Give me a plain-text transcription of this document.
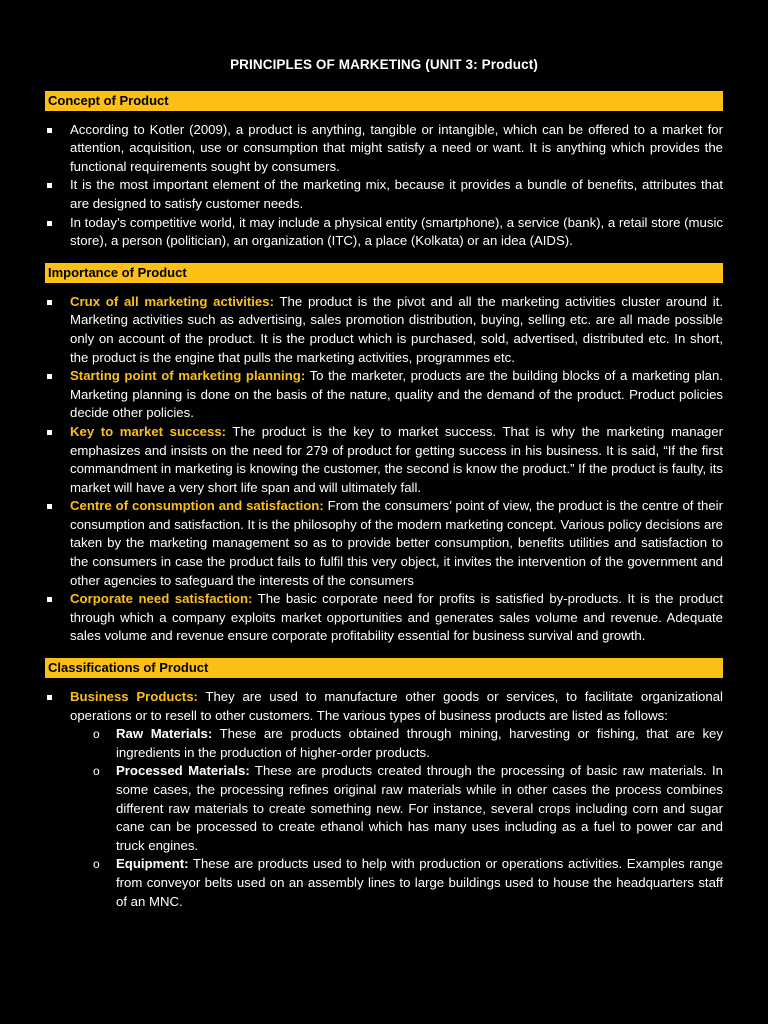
PRINCIPLES OF MARKETING (UNIT 3: Product)
Concept of Product
According to Kotler (2009), a product is anything, tangible or intangible, which can be offered to a market for attention, acquisition, use or consumption that might satisfy a need or want. It is anything which provides the functional requirements sought by consumers.
It is the most important element of the marketing mix, because it provides a bundle of benefits, attributes that are designed to satisfy customer needs.
In today’s competitive world, it may include a physical entity (smartphone), a service (bank), a retail store (music store), a person (politician), an organization (ITC), a place (Kolkata) or an idea (AIDS).
Importance of Product
Crux of all marketing activities: The product is the pivot and all the marketing activities cluster around it. Marketing activities such as advertising, sales promotion distribution, buying, selling etc. are all made possible only on account of the product. It is the product which is purchased, sold, advertised, distributed etc. In short, the product is the engine that pulls the marketing activities, programmes etc.
Starting point of marketing planning: To the marketer, products are the building blocks of a marketing plan. Marketing planning is done on the basis of the nature, quality and the demand of the product. Product policies decide other policies.
Key to market success: The product is the key to market success. That is why the marketing manager emphasizes and insists on the need for 279 of product for getting success in his business. It is said, “If the first commandment in marketing is knowing the customer, the second is know the product.” If the product is faulty, its market will have a very short life span and will ultimately fall.
Centre of consumption and satisfaction: From the consumers’ point of view, the product is the centre of their consumption and satisfaction. It is the philosophy of the modern marketing concept. Various policy decisions are taken by the marketing management so as to provide better consumption, benefits utilities and satisfaction to the consumers in case the product fails to fulfil this very object, it invites the intervention of the government and other agencies to safeguard the interests of the consumers
Corporate need satisfaction: The basic corporate need for profits is satisfied by-products. It is the product through which a company exploits market opportunities and generates sales volume and revenue. Adequate sales volume and revenue ensure corporate profitability essential for business survival and growth.
Classifications of Product
Business Products: They are used to manufacture other goods or services, to facilitate organizational operations or to resell to other customers. The various types of business products are listed as follows:
o Raw Materials: These are products obtained through mining, harvesting or fishing, that are key ingredients in the production of higher-order products.
o Processed Materials: These are products created through the processing of basic raw materials. In some cases, the processing refines original raw materials while in other cases the process combines different raw materials to create something new. For instance, several crops including corn and sugar cane can be processed to create ethanol which has many uses including as a fuel to power car and truck engines.
o Equipment: These are products used to help with production or operations activities. Examples range from conveyor belts used on an assembly lines to large buildings used to house the headquarters staff of an MNC.
